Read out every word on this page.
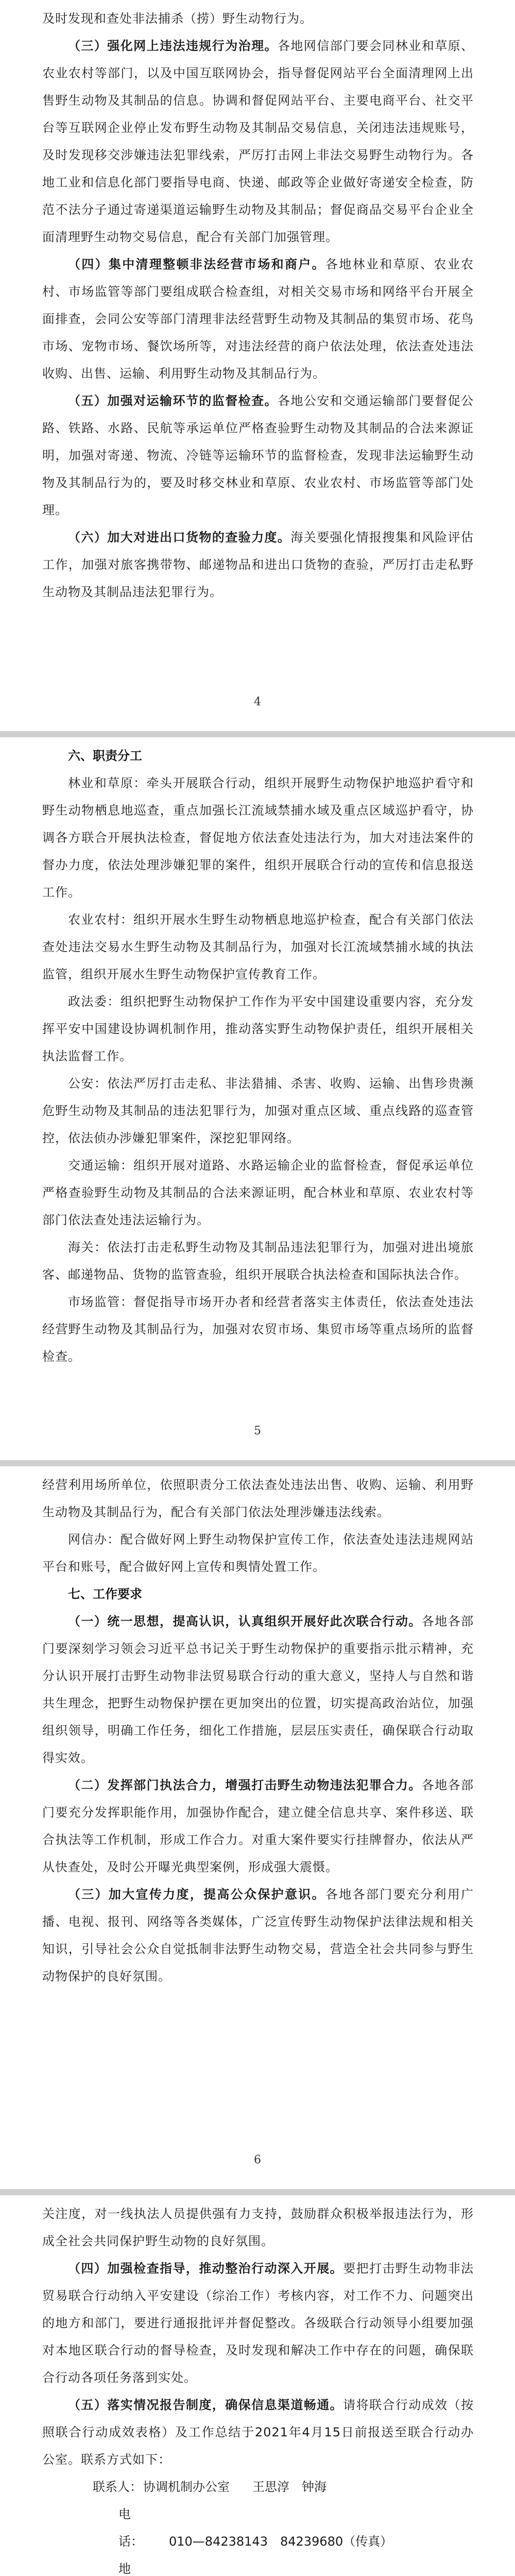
及时发现和查处非法捕杀（捞）野生动物行为。

（三）强化网上违法违规行为治理。各地网信部门要会同林业和草原、农业农村等部门，以及中国互联网协会，指导督促网站平台全面清理网上出售野生动物及其制品的信息。协调和督促网站平台、主要电商平台、社交平台等互联网企业停止发布野生动物及其制品交易信息，关闭违法违规账号，及时发现移交涉嫌违法犯罪线索，严厉打击网上非法交易野生动物行为。各地工业和信息化部门要指导电商、快递、邮政等企业做好寄递安全检查，防范不法分子通过寄递渠道运输野生动物及其制品；督促商品交易平台企业全面清理野生动物交易信息，配合有关部门加强管理。

（四）集中清理整顿非法经营市场和商户。各地林业和草原、农业农村、市场监管等部门要组成联合检查组，对相关交易市场和网络平台开展全面排查，会同公安等部门清理非法经营野生动物及其制品的集贸市场、花鸟市场、宠物市场、餐饮场所等，对违法经营的商户依法处理，依法查处违法收购、出售、运输、利用野生动物及其制品行为。

（五）加强对运输环节的监督检查。各地公安和交通运输部门要督促公路、铁路、水路、民航等承运单位严格查验野生动物及其制品的合法来源证明，加强对寄递、物流、冷链等运输环节的监督检查，发现非法运输野生动物及其制品行为的，要及时移交林业和草原、农业农村、市场监管等部门处理。

（六）加大对进出口货物的查验力度。海关要强化情报搜集和风险评估工作，加强对旅客携带物、邮递物品和进出口货物的查验，严厉打击走私野生动物及其制品违法犯罪行为。

4

六、职责分工

林业和草原：牵头开展联合行动，组织开展野生动物保护地巡护看守和野生动物栖息地巡查，重点加强长江流域禁捕水域及重点区域巡护看守，协调各方联合开展执法检查，督促地方依法查处违法行为，加大对违法案件的督办力度，依法处理涉嫌犯罪的案件，组织开展联合行动的宣传和信息报送工作。

农业农村：组织开展水生野生动物栖息地巡护检查，配合有关部门依法查处违法交易水生野生动物及其制品行为，加强对长江流域禁捕水域的执法监管，组织开展水生野生动物保护宣传教育工作。

政法委：组织把野生动物保护工作作为平安中国建设重要内容，充分发挥平安中国建设协调机制作用，推动落实野生动物保护责任，组织开展相关执法监督工作。

公安：依法严厉打击走私、非法猎捕、杀害、收购、运输、出售珍贵濒危野生动物及其制品的违法犯罪行为，加强对重点区域、重点线路的巡查管控，依法侦办涉嫌犯罪案件，深挖犯罪网络。

交通运输：组织开展对道路、水路运输企业的监督检查，督促承运单位严格查验野生动物及其制品的合法来源证明，配合林业和草原、农业农村等部门依法查处违法运输行为。

海关：依法打击走私野生动物及其制品违法犯罪行为，加强对进出境旅客、邮递物品、货物的监管查验，组织开展联合执法检查和国际执法合作。

市场监管：督促指导市场开办者和经营者落实主体责任，依法查处违法经营野生动物及其制品行为，加强对农贸市场、集贸市场等重点场所的监督检查。

5

经营利用场所单位，依照职责分工依法查处违法出售、收购、运输、利用野生动物及其制品行为，配合有关部门依法处理涉嫌违法线索。

网信办：配合做好网上野生动物保护宣传工作，依法查处违法违规网站平台和账号，配合做好网上宣传和舆情处置工作。

七、工作要求

（一）统一思想，提高认识，认真组织开展好此次联合行动。各地各部门要深刻学习领会习近平总书记关于野生动物保护的重要指示批示精神，充分认识开展打击野生动物非法贸易联合行动的重大意义，坚持人与自然和谐共生理念，把野生动物保护摆在更加突出的位置，切实提高政治站位，加强组织领导，明确工作任务，细化工作措施，层层压实责任，确保联合行动取得实效。

（二）发挥部门执法合力，增强打击野生动物违法犯罪合力。各地各部门要充分发挥职能作用，加强协作配合，建立健全信息共享、案件移送、联合执法等工作机制，形成工作合力。对重大案件要实行挂牌督办，依法从严从快查处，及时公开曝光典型案例，形成强大震慑。

（三）加大宣传力度，提高公众保护意识。各地各部门要充分利用广播、电视、报刊、网络等各类媒体，广泛宣传野生动物保护法律法规和相关知识，引导社会公众自觉抵制非法野生动物交易，营造全社会共同参与野生动物保护的良好氛围。

6

关注度，对一线执法人员提供强有力支持，鼓励群众积极举报违法行为，形成全社会共同保护野生动物的良好氛围。

（四）加强检查指导，推动整治行动深入开展。要把打击野生动物非法贸易联合行动纳入平安建设（综治工作）考核内容，对工作不力、问题突出的地方和部门，要进行通报批评并督促整改。各级联合行动领导小组要加强对本地区联合行动的督导检查，及时发现和解决工作中存在的问题，确保联合行动各项任务落到实处。

（五）落实情况报告制度，确保信息渠道畅通。请将联合行动成效（按照联合行动成效表格）及工作总结于2021年4月15日前报送至联合行动办公室。联系方式如下：

联系人：协调机制办公室 王思淳　钟海

电　　话： 010—84238143　84239680（传真）

地　　
